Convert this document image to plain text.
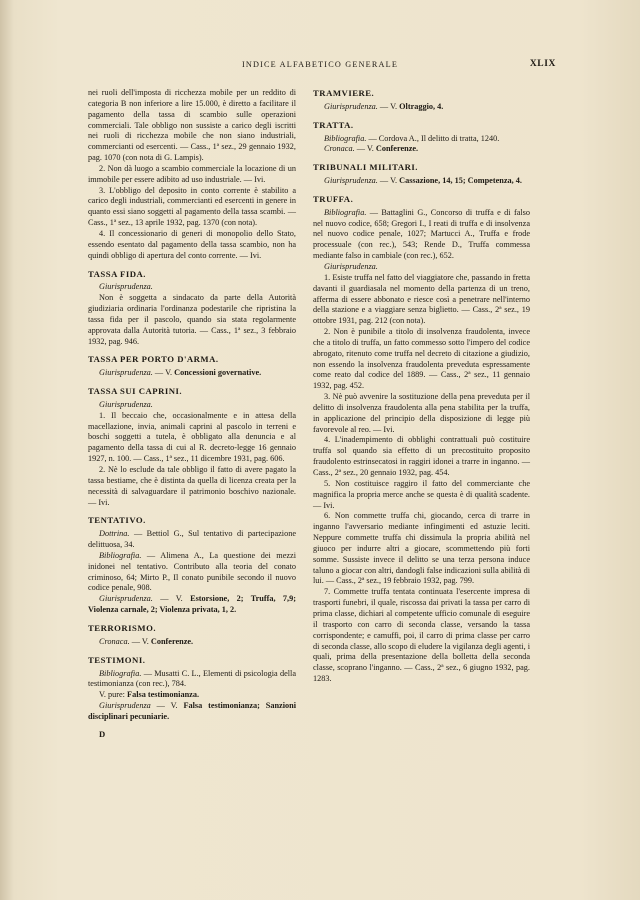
INDICE ALFABETICO GENERALE	XLIX

nei ruoli dell'imposta di ricchezza mobile per un reddito di categoria B non inferiore a lire 15.000, è diretto a facilitare il pagamento della tassa di scambio sulle operazioni commerciali. Tale obbligo non sussiste a carico degli iscritti nei ruoli di ricchezza mobile che non siano industriali, commercianti od esercenti. — Cass., 1ª sez., 29 gennaio 1932, pag. 1070 (con nota di G. Lampis).

2. Non dà luogo a scambio commerciale la locazione di un immobile per essere adibito ad uso industriale. — Ivi.

3. L'obbligo del deposito in conto corrente è stabilito a carico degli industriali, commercianti ed esercenti in genere in quanto essi siano soggetti al pagamento della tassa scambi. — Cass., 1ª sez., 13 aprile 1932, pag. 1370 (con nota).

4. Il concessionario di generi di monopolio dello Stato, essendo esentato dal pagamento della tassa scambio, non ha quindi obbligo di apertura del conto corrente. — Ivi.

TASSA FIDA.

Giurisprudenza.

Non è soggetta a sindacato da parte della Autorità giudiziaria ordinaria l'ordinanza podestarile che ripristina la tassa fida per il pascolo, quando sia stata regolarmente approvata dalla Autorità tutoria. — Cass., 1ª sez., 3 febbraio 1932, pag. 946.

TASSA PER PORTO D'ARMA.

Giurisprudenza. — V. Concessioni governative.

TASSA SUI CAPRINI.

Giurisprudenza.

1. Il beccaio che, occasionalmente e in attesa della macellazione, invia, animali caprini al pascolo in terreni e boschi soggetti a tutela, è obbligato alla denuncia e al pagamento della tassa di cui al R. decreto-legge 16 gennaio 1927, n. 100. — Cass., 1ª sez., 11 dicembre 1931, pag. 606.

2. Nè lo esclude da tale obbligo il fatto di avere pagato la tassa bestiame, che è distinta da quella di licenza creata per la necessità di salvaguardare il patrimonio boschivo nazionale. — Ivi.

TENTATIVO.

Dottrina. — Bettiol G., Sul tentativo di partecipazione delittuosa, 34.

Bibliografia. — Alimena A., La questione dei mezzi inidonei nel tentativo. Contributo alla teoria del conato criminoso, 64; Mirto P., Il conato punibile secondo il nuovo codice penale, 908.

Giurisprudenza. — V. Estorsione, 2; Truffa, 7,9; Violenza carnale, 2; Violenza privata, 1, 2.

TERRORISMO.

Cronaca. — V. Conferenze.

TESTIMONI.

Bibliografia. — Musatti C. L., Elementi di psicologia della testimonianza (con rec.), 784.

V. pure: Falsa testimonianza.

Giurisprudenza — V. Falsa testimonianza; Sanzioni disciplinari pecuniarie.

D
TRAMVIERE.

Giurisprudenza. — V. Oltraggio, 4.

TRATTA.

Bibliografia. — Cordova A., Il delitto di tratta, 1240.

Cronaca. — V. Conferenze.

TRIBUNALI MILITARI.

Giurisprudenza. — V. Cassazione, 14, 15; Competenza, 4.

TRUFFA.

Bibliografia. — Battaglini G., Concorso di truffa e di falso nel nuovo codice, 658; Gregori I., I reati di truffa e di insolvenza nel nuovo codice penale, 1027; Martucci A., Truffa e frode processuale (con rec.), 543; Rende D., Truffa commessa mediante falso in cambiale (con rec.), 652.

Giurisprudenza.

1. Esiste truffa nel fatto del viaggiatore che, passando in fretta davanti il guardiasala nel momento della partenza di un treno, afferma di essere abbonato e riesce così a penetrare nell'interno della stazione e a viaggiare senza biglietto. — Cass., 2ª sez., 19 ottobre 1931, pag. 212 (con nota).

2. Non è punibile a titolo di insolvenza fraudolenta, invece che a titolo di truffa, un fatto commesso sotto l'impero del codice abrogato, ritenuto come truffa nel decreto di citazione a giudizio, non essendo la insolvenza fraudolenta preveduta espressamente come reato dal codice del 1889. — Cass., 2ª sez., 11 gennaio 1932, pag. 452.

3. Nè può avvenire la sostituzione della pena preveduta per il delitto di insolvenza fraudolenta alla pena stabilita per la truffa, in applicazione del principio della disposizione di legge più favorevole al reo. — Ivi.

4. L'inadempimento di obblighi contrattuali può costituire truffa sol quando sia effetto di un precostituito proposito fraudolento estrinsecatosi in raggiri idonei a trarre in inganno. — Cass., 2ª sez., 20 gennaio 1932, pag. 454.

5. Non costituisce raggiro il fatto del commerciante che magnifica la propria merce anche se questa è di qualità scadente. — Ivi.

6. Non commette truffa chi, giocando, cerca di trarre in inganno l'avversario mediante infingimenti ed astuzie leciti. Neppure commette truffa chi dissimula la propria abilità nel giuoco per indurre altri a giocare, scommettendo più forti somme. Sussiste invece il delitto se una terza persona induce taluno a giocar con altri, dandogli false indicazioni sulla abilità di lui. — Cass., 2ª sez., 19 febbraio 1932, pag. 799.

7. Commette truffa tentata continuata l'esercente impresa di trasporti funebri, il quale, riscossa dai privati la tassa per carro di prima classe, dichiari al competente ufficio comunale di eseguire il trasporto con carro di seconda classe, versando la tassa corrispondente; e camuffi, poi, il carro di prima classe per carro di seconda classe, allo scopo di eludere la vigilanza degli agenti, i quali, prima della presentazione della bolletta della seconda classe, scoprano l'inganno. — Cass., 2ª sez., 6 giugno 1932, pag. 1283.
